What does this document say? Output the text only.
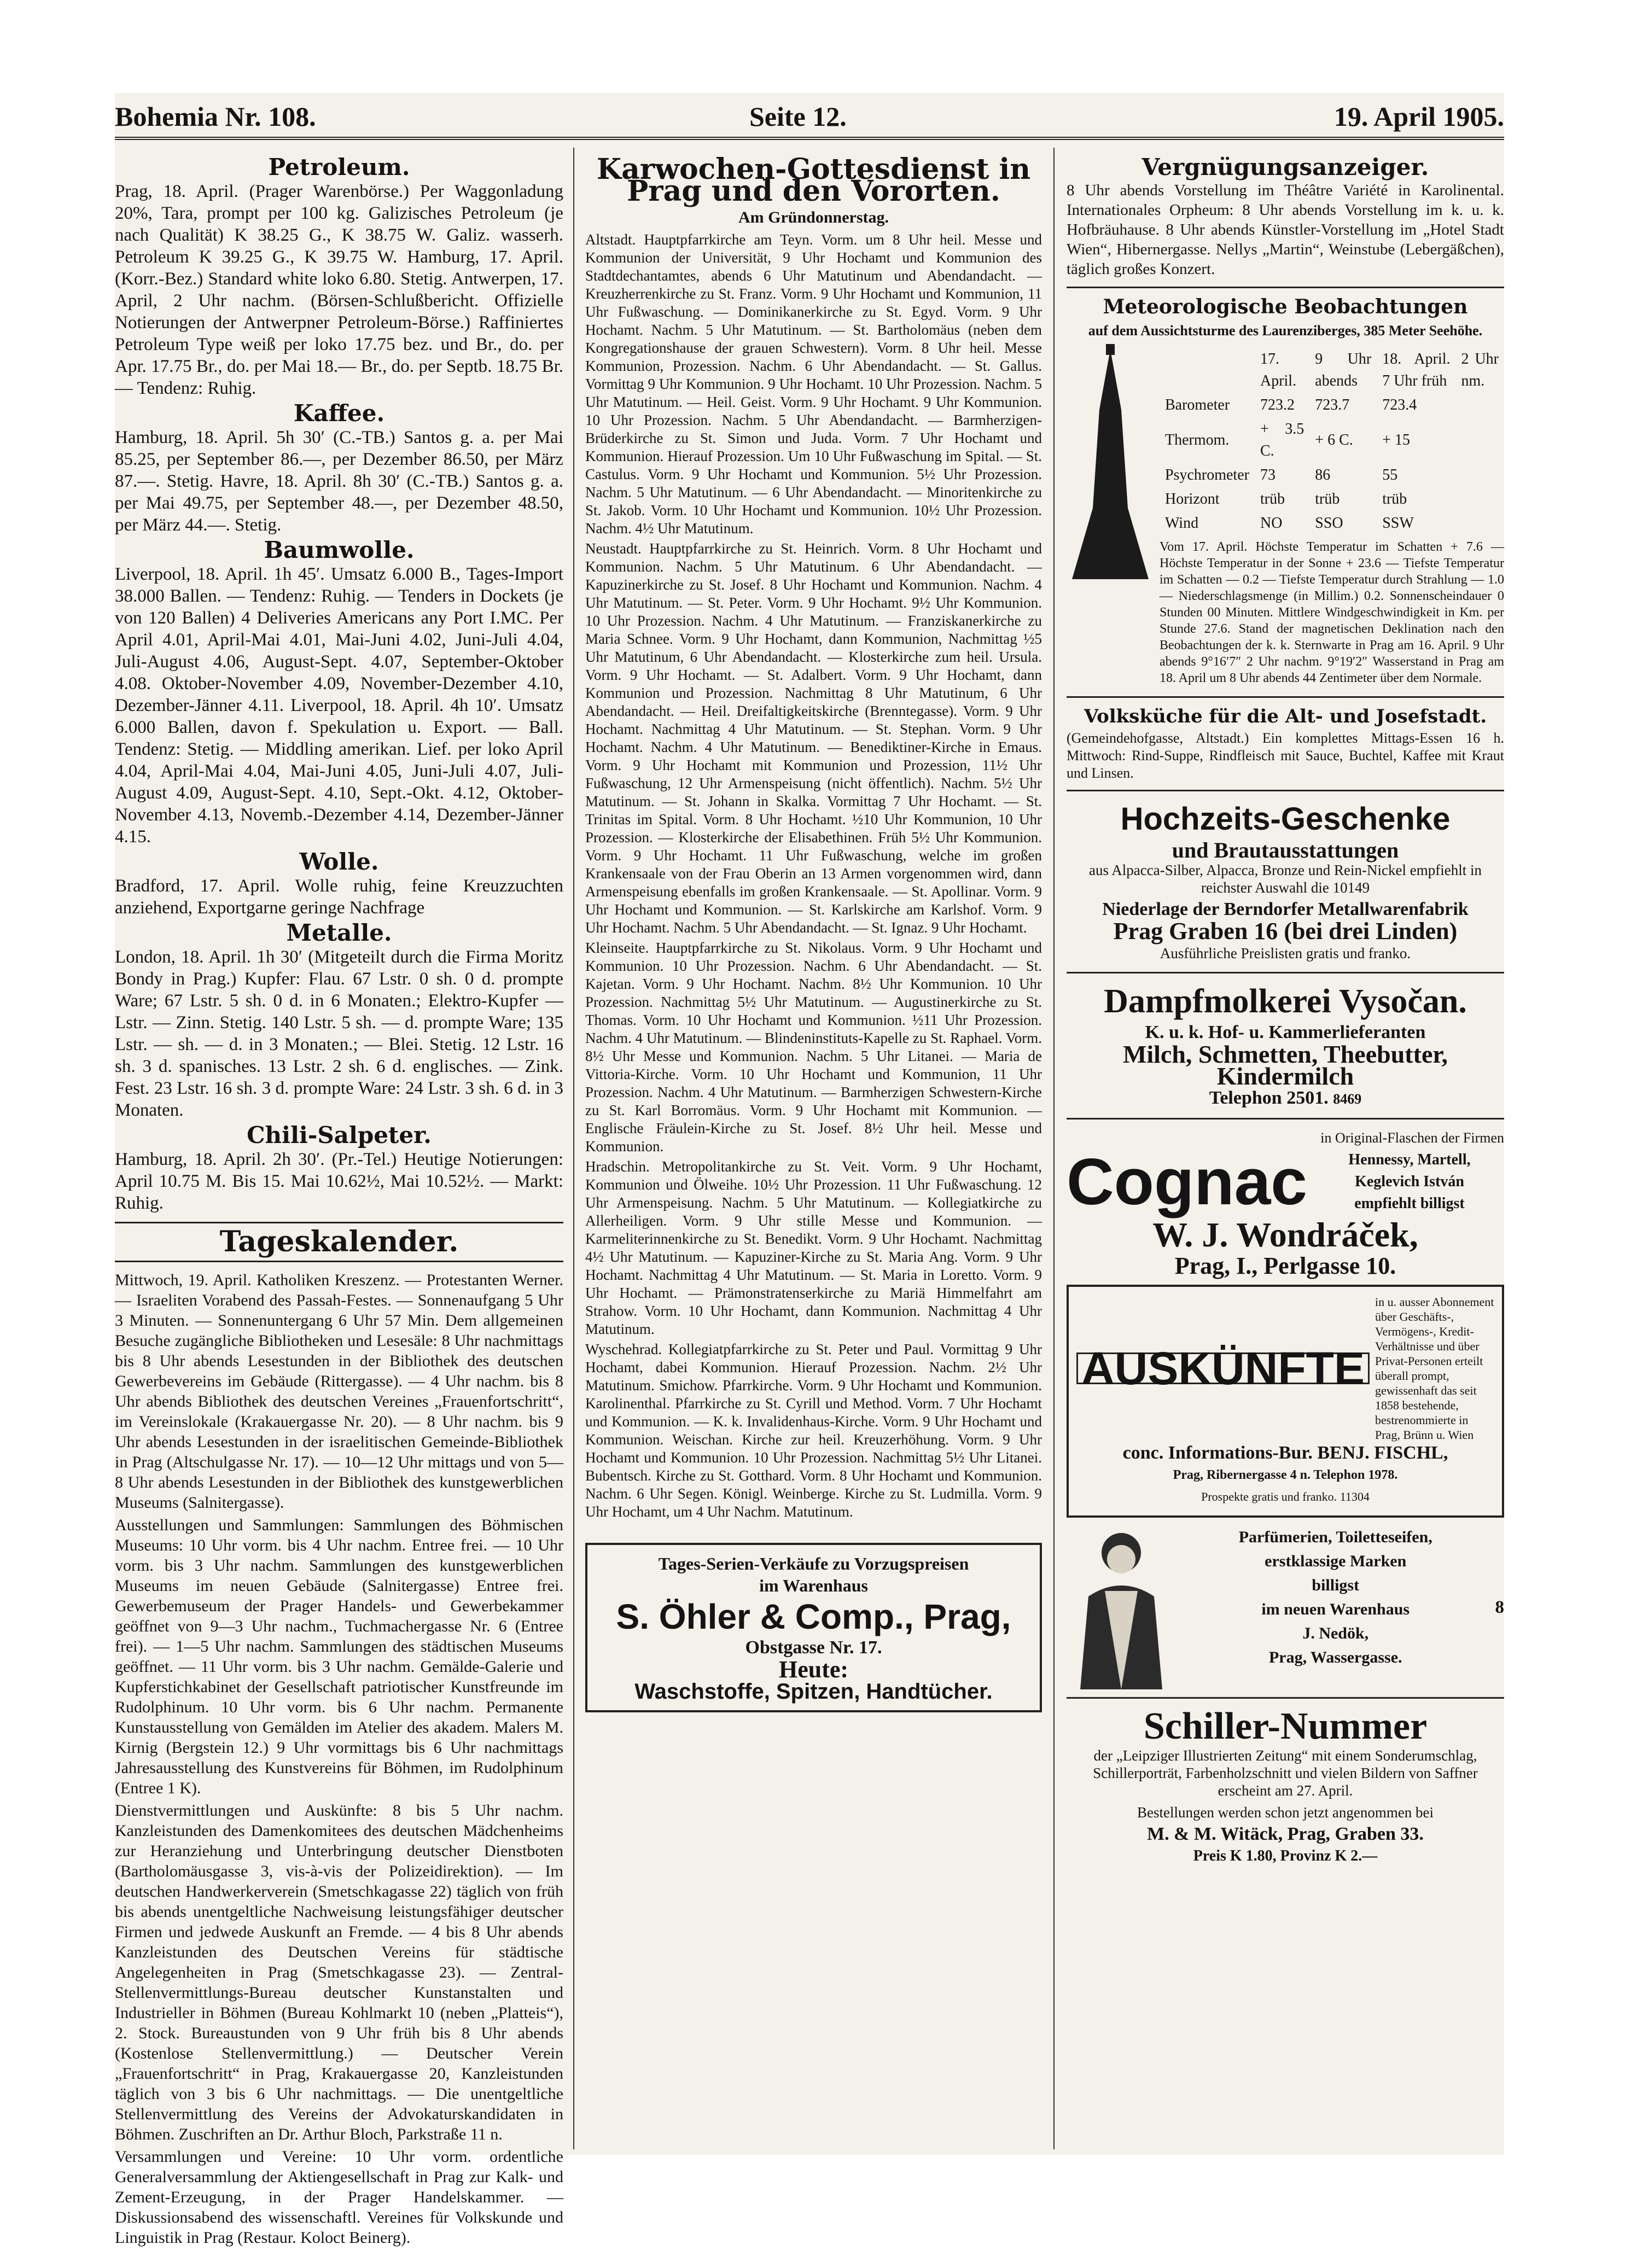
Bohemia Nr. 108.	Seite 12.	19. April 1905.
Petroleum.

Prag, 18. April. (Prager Warenbörse.) Per Waggonladung 20%, Tara, prompt per 100 kg. Galizisches Petroleum (je nach Qualität) K 38.25 G., K 38.75 W. Galiz. wasserh. Petroleum K 39.25 G., K 39.75 W. Hamburg, 17. April. (Korr.-Bez.) Standard white loko 6.80. Stetig. Antwerpen, 17. April, 2 Uhr nachm. (Börsen-Schlußbericht. Offizielle Notierungen der Antwerpner Petroleum-Börse.) Raffiniertes Petroleum Type weiß per loko 17.75 bez. und Br., do. per Apr. 17.75 Br., do. per Mai 18.— Br., do. per Septb. 18.75 Br. — Tendenz: Ruhig.

Kaffee.

Hamburg, 18. April. 5h 30′ (C.-TB.) Santos g. a. per Mai 85.25, per September 86.—, per Dezember 86.50, per März 87.—. Stetig. Havre, 18. April. 8h 30′ (C.-TB.) Santos g. a. per Mai 49.75, per September 48.—, per Dezember 48.50, per März 44.—. Stetig.

Baumwolle.

Liverpool, 18. April. 1h 45′. Umsatz 6.000 B., Tages-Import 38.000 Ballen. — Tendenz: Ruhig. — Tenders in Dockets (je von 120 Ballen) 4 Deliveries Americans any Port I.MC. Per April 4.01, April-Mai 4.01, Mai-Juni 4.02, Juni-Juli 4.04, Juli-August 4.06, August-Sept. 4.07, September-Oktober 4.08. Oktober-November 4.09, November-Dezember 4.10, Dezember-Jänner 4.11. Liverpool, 18. April. 4h 10′. Umsatz 6.000 Ballen, davon f. Spekulation u. Export. — Ball. Tendenz: Stetig. — Middling amerikan. Lief. per loko April 4.04, April-Mai 4.04, Mai-Juni 4.05, Juni-Juli 4.07, Juli-August 4.09, August-Sept. 4.10, Sept.-Okt. 4.12, Oktober-November 4.13, Novemb.-Dezember 4.14, Dezember-Jänner 4.15.

Wolle.

Bradford, 17. April. Wolle ruhig, feine Kreuzzuchten anziehend, Exportgarne geringe Nachfrage

Metalle.

London, 18. April. 1h 30′ (Mitgeteilt durch die Firma Moritz Bondy in Prag.) Kupfer: Flau. 67 Lstr. 0 sh. 0 d. prompte Ware; 67 Lstr. 5 sh. 0 d. in 6 Monaten.; Elektro-Kupfer — Lstr. — Zinn. Stetig. 140 Lstr. 5 sh. — d. prompte Ware; 135 Lstr. — sh. — d. in 3 Monaten.; — Blei. Stetig. 12 Lstr. 16 sh. 3 d. spanisches. 13 Lstr. 2 sh. 6 d. englisches. — Zink. Fest. 23 Lstr. 16 sh. 3 d. prompte Ware: 24 Lstr. 3 sh. 6 d. in 3 Monaten.

Chili-Salpeter.

Hamburg, 18. April. 2h 30′. (Pr.-Tel.) Heutige Notierungen: April 10.75 M. Bis 15. Mai 10.62½, Mai 10.52½. — Markt: Ruhig.

Tageskalender.

Mittwoch, 19. April. Katholiken Kreszenz. — Protestanten Werner. — Israeliten Vorabend des Passah-Festes. — Sonnenaufgang 5 Uhr 3 Minuten. — Sonnenuntergang 6 Uhr 57 Min. Dem allgemeinen Besuche zugängliche Bibliotheken und Lesesäle: 8 Uhr nachmittags bis 8 Uhr abends Lesestunden in der Bibliothek des deutschen Gewerbevereins im Gebäude (Rittergasse). — 4 Uhr nachm. bis 8 Uhr abends Bibliothek des deutschen Vereines „Frauenfortschritt“, im Vereinslokale (Krakauergasse Nr. 20). — 8 Uhr nachm. bis 9 Uhr abends Lesestunden in der israelitischen Gemeinde-Bibliothek in Prag (Altschulgasse Nr. 17). — 10—12 Uhr mittags und von 5—8 Uhr abends Lesestunden in der Bibliothek des kunstgewerblichen Museums (Salnitergasse).

Ausstellungen und Sammlungen: Sammlungen des Böhmischen Museums: 10 Uhr vorm. bis 4 Uhr nachm. Entree frei. — 10 Uhr vorm. bis 3 Uhr nachm. Sammlungen des kunstgewerblichen Museums im neuen Gebäude (Salnitergasse) Entree frei. Gewerbemuseum der Prager Handels- und Gewerbekammer geöffnet von 9—3 Uhr nachm., Tuchmachergasse Nr. 6 (Entree frei). — 1—5 Uhr nachm. Sammlungen des städtischen Museums geöffnet. — 11 Uhr vorm. bis 3 Uhr nachm. Gemälde-Galerie und Kupferstichkabinet der Gesellschaft patriotischer Kunstfreunde im Rudolphinum. 10 Uhr vorm. bis 6 Uhr nachm. Permanente Kunstausstellung von Gemälden im Atelier des akadem. Malers M. Kirnig (Bergstein 12.) 9 Uhr vormittags bis 6 Uhr nachmittags Jahresausstellung des Kunstvereins für Böhmen, im Rudolphinum (Entree 1 K).

Dienstvermittlungen und Auskünfte: 8 bis 5 Uhr nachm. Kanzleistunden des Damenkomitees des deutschen Mädchenheims zur Heranziehung und Unterbringung deutscher Dienstboten (Bartholomäusgasse 3, vis-à-vis der Polizeidirektion). — Im deutschen Handwerkerverein (Smetschkagasse 22) täglich von früh bis abends unentgeltliche Nachweisung leistungsfähiger deutscher Firmen und jedwede Auskunft an Fremde. — 4 bis 8 Uhr abends Kanzleistunden des Deutschen Vereins für städtische Angelegenheiten in Prag (Smetschkagasse 23). — Zentral-Stellenvermittlungs-Bureau deutscher Kunstanstalten und Industrieller in Böhmen (Bureau Kohlmarkt 10 (neben „Platteis“), 2. Stock. Bureaustunden von 9 Uhr früh bis 8 Uhr abends (Kostenlose Stellenvermittlung.) — Deutscher Verein „Frauenfortschritt“ in Prag, Krakauergasse 20, Kanzleistunden täglich von 3 bis 6 Uhr nachmittags. — Die unentgeltliche Stellenvermittlung des Vereins der Advokaturskandidaten in Böhmen. Zuschriften an Dr. Arthur Bloch, Parkstraße 11 n.

Versammlungen und Vereine: 10 Uhr vorm. ordentliche Generalversammlung der Aktiengesellschaft in Prag zur Kalk- und Zement-Erzeugung, in der Prager Handelskammer. — Diskussionsabend des wissenschaftl. Vereines für Volkskunde und Linguistik in Prag (Restaur. Koloct Beinerg).

Karwochen-Gottesdienst in Prag und den Vororten.
Am Gründonnerstag.

Altstadt. Hauptpfarrkirche am Teyn. Vorm. um 8 Uhr heil. Messe und Kommunion der Universität, 9 Uhr Hochamt und Kommunion des Stadtdechantamtes, abends 6 Uhr Matutinum und Abendandacht. — Kreuzherrenkirche zu St. Franz. Vorm. 9 Uhr Hochamt und Kommunion, 11 Uhr Fußwaschung. — Dominikanerkirche zu St. Egyd. Vorm. 9 Uhr Hochamt. Nachm. 5 Uhr Matutinum. — St. Bartholomäus (neben dem Kongregationshause der grauen Schwestern). Vorm. 8 Uhr heil. Messe Kommunion, Prozession. Nachm. 6 Uhr Abendandacht. — St. Gallus. Vormittag 9 Uhr Kommunion. 9 Uhr Hochamt. 10 Uhr Prozession. Nachm. 5 Uhr Matutinum. — Heil. Geist. Vorm. 9 Uhr Hochamt. 9 Uhr Kommunion. 10 Uhr Prozession. Nachm. 5 Uhr Abendandacht. — Barmherzigen-Brüderkirche zu St. Simon und Juda. Vorm. 7 Uhr Hochamt und Kommunion. Hierauf Prozession. Um 10 Uhr Fußwaschung im Spital. — St. Castulus. Vorm. 9 Uhr Hochamt und Kommunion. 5½ Uhr Prozession. Nachm. 5 Uhr Matutinum. — 6 Uhr Abendandacht. — Minoritenkirche zu St. Jakob. Vorm. 10 Uhr Hochamt und Kommunion. 10½ Uhr Prozession. Nachm. 4½ Uhr Matutinum.

Neustadt. Hauptpfarrkirche zu St. Heinrich. Vorm. 8 Uhr Hochamt und Kommunion. Nachm. 5 Uhr Matutinum. 6 Uhr Abendandacht. — Kapuzinerkirche zu St. Josef. 8 Uhr Hochamt und Kommunion. Nachm. 4 Uhr Matutinum. — St. Peter. Vorm. 9 Uhr Hochamt. 9½ Uhr Kommunion. 10 Uhr Prozession. Nachm. 4 Uhr Matutinum. — Franziskanerkirche zu Maria Schnee. Vorm. 9 Uhr Hochamt, dann Kommunion, Nachmittag ½5 Uhr Matutinum, 6 Uhr Abendandacht. — Klosterkirche zum heil. Ursula. Vorm. 9 Uhr Hochamt. — St. Adalbert. Vorm. 9 Uhr Hochamt, dann Kommunion und Prozession. Nachmittag 8 Uhr Matutinum, 6 Uhr Abendandacht. — Heil. Dreifaltigkeitskirche (Brenntegasse). Vorm. 9 Uhr Hochamt. Nachmittag 4 Uhr Matutinum. — St. Stephan. Vorm. 9 Uhr Hochamt. Nachm. 4 Uhr Matutinum. — Benediktiner-Kirche in Emaus. Vorm. 9 Uhr Hochamt mit Kommunion und Prozession, 11½ Uhr Fußwaschung, 12 Uhr Armenspeisung (nicht öffentlich). Nachm. 5½ Uhr Matutinum. — St. Johann in Skalka. Vormittag 7 Uhr Hochamt. — St. Trinitas im Spital. Vorm. 8 Uhr Hochamt. ½10 Uhr Kommunion, 10 Uhr Prozession. — Klosterkirche der Elisabethinen. Früh 5½ Uhr Kommunion. Vorm. 9 Uhr Hochamt. 11 Uhr Fußwaschung, welche im großen Krankensaale von der Frau Oberin an 13 Armen vorgenommen wird, dann Armenspeisung ebenfalls im großen Krankensaale. — St. Apollinar. Vorm. 9 Uhr Hochamt und Kommunion. — St. Karlskirche am Karlshof. Vorm. 9 Uhr Hochamt. Nachm. 5 Uhr Abendandacht. — St. Ignaz. 9 Uhr Hochamt.

Kleinseite. Hauptpfarrkirche zu St. Nikolaus. Vorm. 9 Uhr Hochamt und Kommunion. 10 Uhr Prozession. Nachm. 6 Uhr Abendandacht. — St. Kajetan. Vorm. 9 Uhr Hochamt. Nachm. 8½ Uhr Kommunion. 10 Uhr Prozession. Nachmittag 5½ Uhr Matutinum. — Augustinerkirche zu St. Thomas. Vorm. 10 Uhr Hochamt und Kommunion. ½11 Uhr Prozession. Nachm. 4 Uhr Matutinum. — Blindeninstituts-Kapelle zu St. Raphael. Vorm. 8½ Uhr Messe und Kommunion. Nachm. 5 Uhr Litanei. — Maria de Vittoria-Kirche. Vorm. 10 Uhr Hochamt und Kommunion, 11 Uhr Prozession. Nachm. 4 Uhr Matutinum. — Barmherzigen Schwestern-Kirche zu St. Karl Borromäus. Vorm. 9 Uhr Hochamt mit Kommunion. — Englische Fräulein-Kirche zu St. Josef. 8½ Uhr heil. Messe und Kommunion.

Hradschin. Metropolitankirche zu St. Veit. Vorm. 9 Uhr Hochamt, Kommunion und Ölweihe. 10½ Uhr Prozession. 11 Uhr Fußwaschung. 12 Uhr Armenspeisung. Nachm. 5 Uhr Matutinum. — Kollegiatkirche zu Allerheiligen. Vorm. 9 Uhr stille Messe und Kommunion. — Karmeliterinnenkirche zu St. Benedikt. Vorm. 9 Uhr Hochamt. Nachmittag 4½ Uhr Matutinum. — Kapuziner-Kirche zu St. Maria Ang. Vorm. 9 Uhr Hochamt. Nachmittag 4 Uhr Matutinum. — St. Maria in Loretto. Vorm. 9 Uhr Hochamt. — Prämonstratenserkirche zu Mariä Himmelfahrt am Strahow. Vorm. 10 Uhr Hochamt, dann Kommunion. Nachmittag 4 Uhr Matutinum.

Wyschehrad. Kollegiatpfarrkirche zu St. Peter und Paul. Vormittag 9 Uhr Hochamt, dabei Kommunion. Hierauf Prozession. Nachm. 2½ Uhr Matutinum. Smichow. Pfarrkirche. Vorm. 9 Uhr Hochamt und Kommunion. Karolinenthal. Pfarrkirche zu St. Cyrill und Method. Vorm. 7 Uhr Hochamt und Kommunion. — K. k. Invalidenhaus-Kirche. Vorm. 9 Uhr Hochamt und Kommunion. Weischan. Kirche zur heil. Kreuzerhöhung. Vorm. 9 Uhr Hochamt und Kommunion. 10 Uhr Prozession. Nachmittag 5½ Uhr Litanei. Bubentsch. Kirche zu St. Gotthard. Vorm. 8 Uhr Hochamt und Kommunion. Nachm. 6 Uhr Segen. Königl. Weinberge. Kirche zu St. Ludmilla. Vorm. 9 Uhr Hochamt, um 4 Uhr Nachm. Matutinum.

Tages-Serien-Verkäufe zu Vorzugspreisen
im Warenhaus
S. Öhler & Comp., Prag,
Obstgasse Nr. 17.
Heute:
Waschstoffe, Spitzen, Handtücher.
Vergnügungsanzeiger.

8 Uhr abends Vorstellung im Théâtre Variété in Karolinental. Internationales Orpheum: 8 Uhr abends Vorstellung im k. u. k. Hofbräuhause. 8 Uhr abends Künstler-Vorstellung im „Hotel Stadt Wien“, Hibernergasse. Nellys „Martin“, Weinstube (Lebergäßchen), täglich großes Konzert.

Meteorologische Beobachtungen
auf dem Aussichtsturme des Laurenziberges, 385 Meter Seehöhe.
	17. April.	9 Uhr abends	18. April. 7 Uhr früh	2 Uhr nm.
Barometer	723.2	723.7	723.4	
Thermom.	+ 3.5 C.	+ 6 C.	+ 15	
Psychrometer	73	86	55	
Horizont	trüb	trüb	trüb	
Wind	NO	SSO	SSW	

Vom 17. April. Höchste Temperatur im Schatten + 7.6 — Höchste Temperatur in der Sonne + 23.6 — Tiefste Temperatur im Schatten — 0.2 — Tiefste Temperatur durch Strahlung — 1.0 — Niederschlagsmenge (in Millim.) 0.2. Sonnenscheindauer 0 Stunden 00 Minuten. Mittlere Windgeschwindigkeit in Km. per Stunde 27.6. Stand der magnetischen Deklination nach den Beobachtungen der k. k. Sternwarte in Prag am 16. April. 9 Uhr abends 9°16′7″ 2 Uhr nachm. 9°19′2″ Wasserstand in Prag am 18. April um 8 Uhr abends 44 Zentimeter über dem Normale.

Volksküche für die Alt- und Josefstadt.

(Gemeindehofgasse, Altstadt.) Ein komplettes Mittags-Essen 16 h. Mittwoch: Rind-Suppe, Rindfleisch mit Sauce, Buchtel, Kaffee mit Kraut und Linsen.

Hochzeits-Geschenke
und Brautausstattungen

aus Alpacca-Silber, Alpacca, Bronze und Rein-Nickel empfiehlt in reichster Auswahl die 10149

Niederlage der Berndorfer Metallwarenfabrik
Prag Graben 16 (bei drei Linden)
Ausführliche Preislisten gratis und franko.
Dampfmolkerei Vysočan.
K. u. k. Hof- u. Kammerlieferanten
Milch, Schmetten, Theebutter, Kindermilch
Telephon 2501. 8469
in Original-Flaschen der Firmen
Cognac	Hennessy, Martell, Keglevich István
empfiehlt billigst
W. J. Wondráček,
Prag, I., Perlgasse 10.
AUSKÜNFTE
in u. ausser Abonnement über Geschäfts-, Vermögens-, Kredit-Verhältnisse und über Privat-Personen erteilt überall prompt, gewissenhaft das seit 1858 bestehende, bestrenommierte in Prag, Brünn u. Wien
conc. Informations-Bur. BENJ. FISCHL,
Prag, Ribernergasse 4 n. Telephon 1978.
Prospekte gratis und franko. 11304
Parfümerien, Toiletteseifen,
erstklassige Marken
billigst
im neuen Warenhaus
J. Nedök,
Prag, Wassergasse.
8
Schiller-Nummer

der „Leipziger Illustrierten Zeitung“ mit einem Sonderumschlag, Schillerporträt, Farbenholzschnitt und vielen Bildern von Saffner erscheint am 27. April.

Bestellungen werden schon jetzt angenommen bei
M. & M. Witäck, Prag, Graben 33.
Preis K 1.80, Provinz K 2.—
